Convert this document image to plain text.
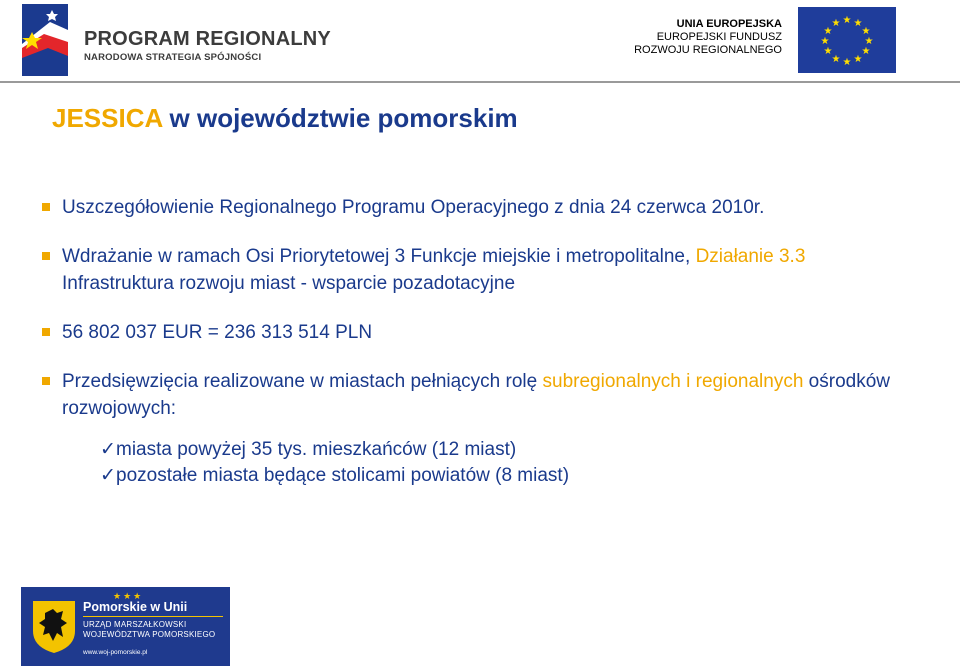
PROGRAM REGIONALNY
NARODOWA STRATEGIA SPÓJNOŚCI
UNIA EUROPEJSKA
EUROPEJSKI FUNDUSZ
ROZWOJU REGIONALNEGO
★ ★
★
★
★
★
★
★
★
★
★
★
JESSICA w województwie pomorskim
Uszczegółowienie Regionalnego Programu Operacyjnego z dnia 24 czerwca 2010r.
Wdrażanie w ramach Osi Priorytetowej 3 Funkcje miejskie i metropolitalne, Działanie 3.3 Infrastruktura rozwoju miast - wsparcie pozadotacyjne
56 802 037 EUR = 236 313 514 PLN
Przedsięwzięcia realizowane w miastach pełniących rolę subregionalnych i regionalnych ośrodków rozwojowych:
✓miasta powyżej 35 tys. mieszkańców (12 miast)
✓pozostałe miasta będące stolicami powiatów (8 miast)
★★★
Pomorskie w Unii
URZĄD MARSZAŁKOWSKI
WOJEWÓDZTWA POMORSKIEGO
www.woj-pomorskie.pl
